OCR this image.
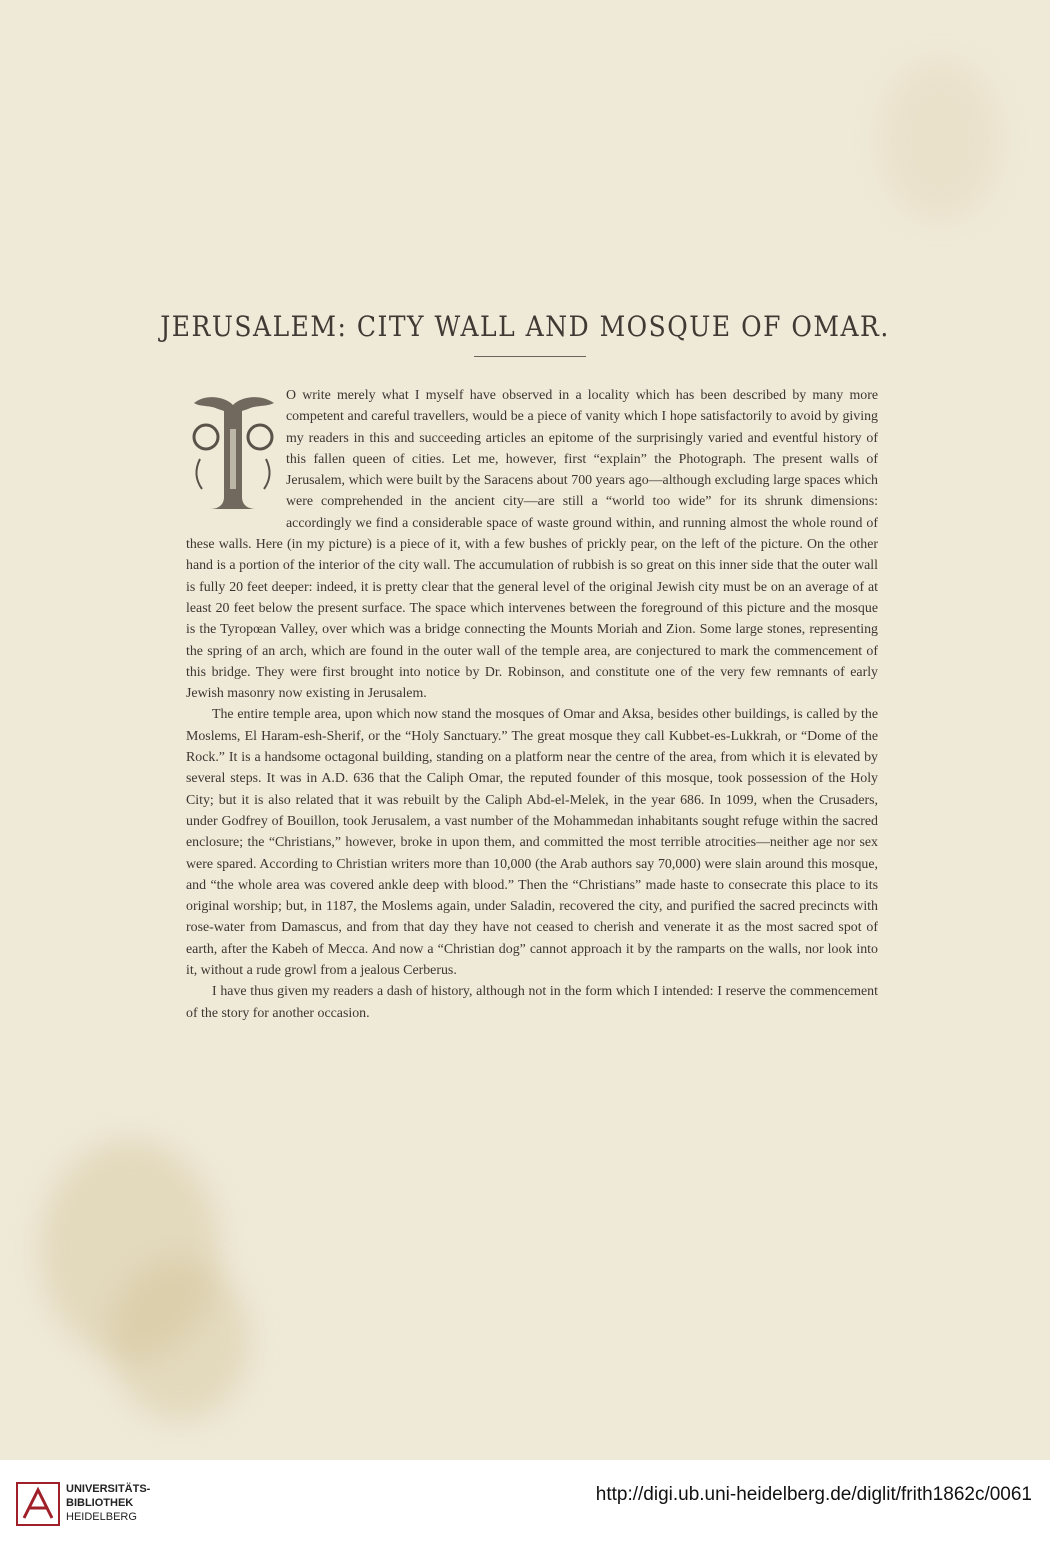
JERUSALEM: CITY WALL AND MOSQUE OF OMAR.

O write merely what I myself have observed in a locality which has been described by many more competent and careful travellers, would be a piece of vanity which I hope satisfactorily to avoid by giving my readers in this and succeeding articles an epitome of the surprisingly varied and eventful history of this fallen queen of cities. Let me, however, first “explain” the Photograph. The present walls of Jerusalem, which were built by the Saracens about 700 years ago—although excluding large spaces which were comprehended in the ancient city—are still a “world too wide” for its shrunk dimensions: accordingly we find a considerable space of waste ground within, and running almost the whole round of these walls. Here (in my picture) is a piece of it, with a few bushes of prickly pear, on the left of the picture. On the other hand is a portion of the interior of the city wall. The accumulation of rubbish is so great on this inner side that the outer wall is fully 20 feet deeper: indeed, it is pretty clear that the general level of the original Jewish city must be on an average of at least 20 feet below the present surface. The space which intervenes between the foreground of this picture and the mosque is the Tyropœan Valley, over which was a bridge connecting the Mounts Moriah and Zion. Some large stones, representing the spring of an arch, which are found in the outer wall of the temple area, are conjectured to mark the commencement of this bridge. They were first brought into notice by Dr. Robinson, and constitute one of the very few remnants of early Jewish masonry now existing in Jerusalem.

The entire temple area, upon which now stand the mosques of Omar and Aksa, besides other buildings, is called by the Moslems, El Haram-esh-Sherif, or the “Holy Sanctuary.” The great mosque they call Kubbet-es-Lukkrah, or “Dome of the Rock.” It is a handsome octagonal building, standing on a platform near the centre of the area, from which it is elevated by several steps. It was in A.D. 636 that the Caliph Omar, the reputed founder of this mosque, took possession of the Holy City; but it is also related that it was rebuilt by the Caliph Abd-el-Melek, in the year 686. In 1099, when the Crusaders, under Godfrey of Bouillon, took Jerusalem, a vast number of the Mohammedan inhabitants sought refuge within the sacred enclosure; the “Christians,” however, broke in upon them, and committed the most terrible atrocities—neither age nor sex were spared. According to Christian writers more than 10,000 (the Arab authors say 70,000) were slain around this mosque, and “the whole area was covered ankle deep with blood.” Then the “Christians” made haste to consecrate this place to its original worship; but, in 1187, the Moslems again, under Saladin, recovered the city, and purified the sacred precincts with rose-water from Damascus, and from that day they have not ceased to cherish and venerate it as the most sacred spot of earth, after the Kabeh of Mecca. And now a “Christian dog” cannot approach it by the ramparts on the walls, nor look into it, without a rude growl from a jealous Cerberus.

I have thus given my readers a dash of history, although not in the form which I intended: I reserve the commencement of the story for another occasion.

UNIVERSITÄTS-
BIBLIOTHEK
HEIDELBERG
http://digi.ub.uni-heidelberg.de/diglit/frith1862c/0061
